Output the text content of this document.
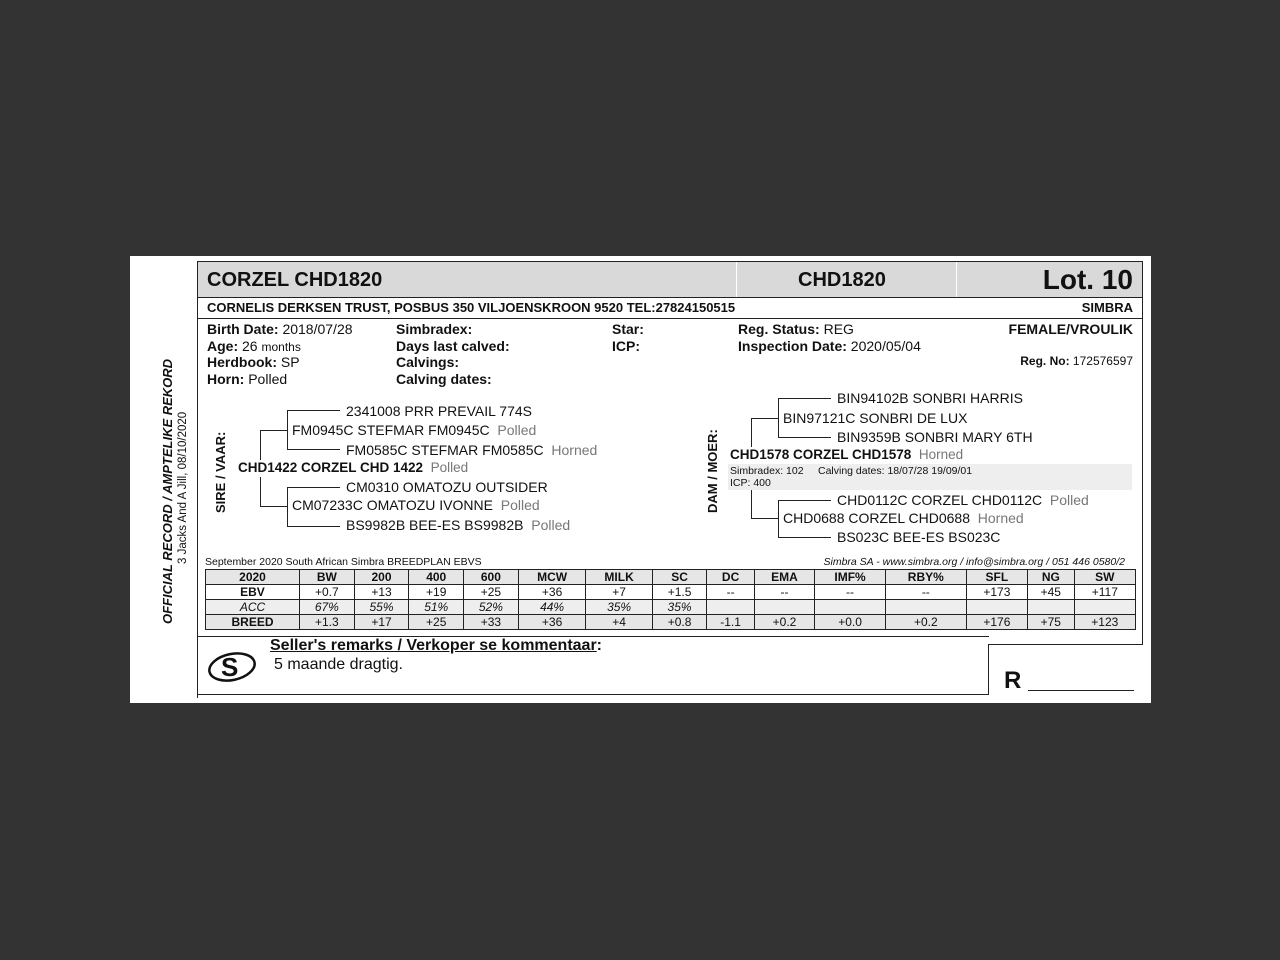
OFFICIAL RECORD / AMPTELIKE REKORD 3 Jacks And A Jill, 08/10/2020
CORZEL CHD1820	CHD1820	Lot. 10
CORNELIS DERKSEN TRUST, POSBUS 350 VILJOENSKROON 9520 TEL:27824150515	SIMBRA
Birth Date: 2018/07/28
Age: 26 months
Herdbook: SP
Horn: Polled
Simbradex:
Days last calved:
Calvings:
Calving dates:
Star:
ICP:
Reg. Status: REG
Inspection Date: 2020/05/04
FEMALE/VROULIK
Reg. No: 172576597
SIRE / VAAR:
2341008 PRR PREVAIL 774S
FM0945C STEFMAR FM0945C Polled
FM0585C STEFMAR FM0585C Horned
CHD1422 CORZEL CHD 1422 Polled
CM0310 OMATOZU OUTSIDER
CM07233C OMATOZU IVONNE Polled
BS9982B BEE-ES BS9982B Polled
DAM / MOER:
BIN94102B SONBRI HARRIS
BIN97121C SONBRI DE LUX
BIN9359B SONBRI MARY 6TH
CHD1578 CORZEL CHD1578 Horned
Simbradex: 102 Calving dates: 18/07/28 19/09/01
ICP: 400
CHD0112C CORZEL CHD0112C Polled
CHD0688 CORZEL CHD0688 Horned
BS023C BEE-ES BS023C
September 2020 South African Simbra BREEDPLAN EBVS	Simbra SA - www.simbra.org / info@simbra.org / 051 446 0580/2
2020	BW	200	400	600	MCW	MILK	SC	DC	EMA	IMF%	RBY%	SFL	NG	SW
EBV	+0.7	+13	+19	+25	+36	+7	+1.5	--	--	--	--	+173	+45	+117
ACC	67%	55%	51%	52%	44%	35%	35%							
BREED	+1.3	+17	+25	+33	+36	+4	+0.8	-1.1	+0.2	+0.0	+0.2	+176	+75	+123
S
Seller's remarks / Verkoper se kommentaar:
5 maande dragtig.
R
